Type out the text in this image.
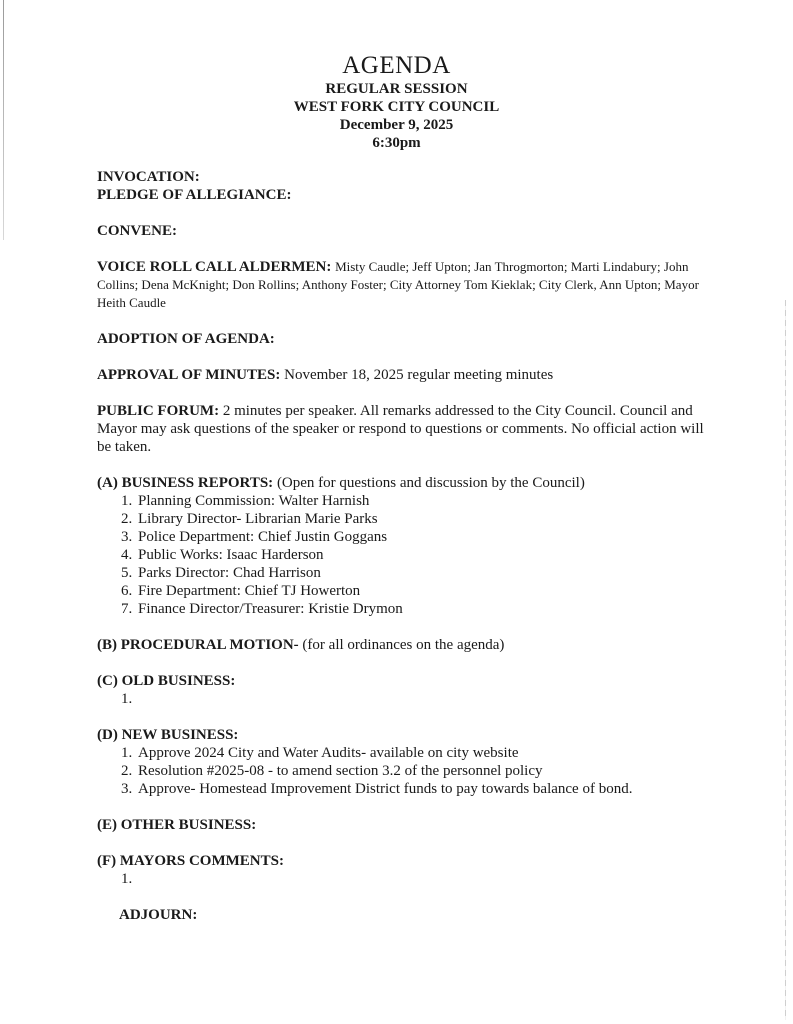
AGENDA
REGULAR SESSION
WEST FORK CITY COUNCIL
December 9, 2025
6:30pm
INVOCATION:
PLEDGE OF ALLEGIANCE:
CONVENE:
VOICE ROLL CALL ALDERMEN: Misty Caudle; Jeff Upton; Jan Throgmorton; Marti Lindabury; John Collins; Dena McKnight; Don Rollins; Anthony Foster; City Attorney Tom Kieklak; City Clerk, Ann Upton; Mayor Heith Caudle
ADOPTION OF AGENDA:
APPROVAL OF MINUTES: November 18, 2025 regular meeting minutes
PUBLIC FORUM: 2 minutes per speaker. All remarks addressed to the City Council. Council and Mayor may ask questions of the speaker or respond to questions or comments. No official action will be taken.
(A) BUSINESS REPORTS: (Open for questions and discussion by the Council)
1. Planning Commission: Walter Harnish
2. Library Director- Librarian Marie Parks
3. Police Department: Chief Justin Goggans
4. Public Works: Isaac Harderson
5. Parks Director: Chad Harrison
6. Fire Department: Chief TJ Howerton
7. Finance Director/Treasurer: Kristie Drymon
(B) PROCEDURAL MOTION- (for all ordinances on the agenda)
(C) OLD BUSINESS:
1.
(D) NEW BUSINESS:
1. Approve 2024 City and Water Audits- available on city website
2. Resolution #2025-08 - to amend section 3.2 of the personnel policy
3. Approve- Homestead Improvement District funds to pay towards balance of bond.
(E) OTHER BUSINESS:
(F) MAYORS COMMENTS:
1.
ADJOURN:
